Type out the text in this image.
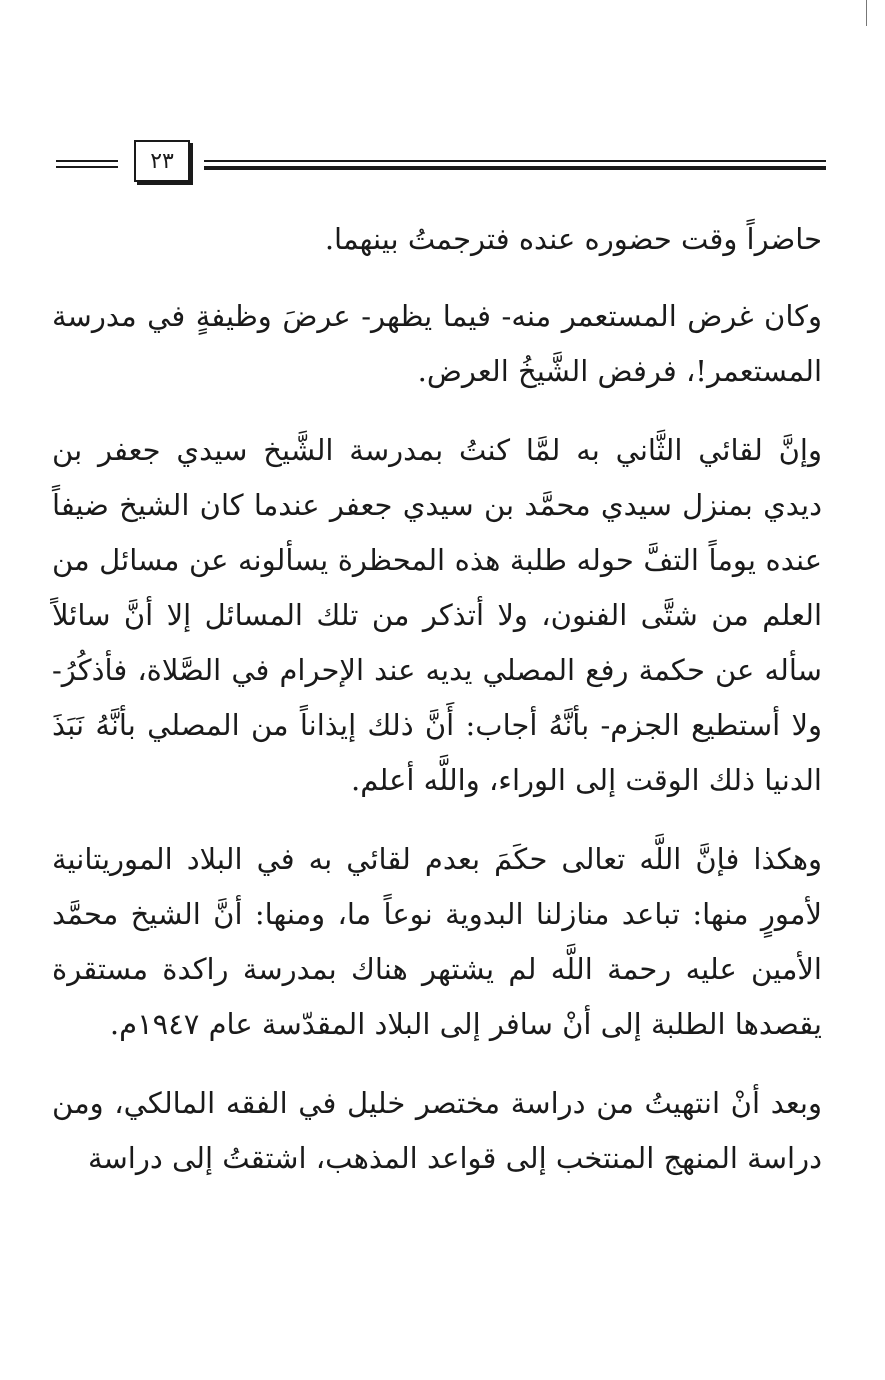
٢٣

حاضراً وقت حضوره عنده فترجمتُ بينهما.

وكان غرض المستعمر منه- فيما يظهر- عرضَ وظيفةٍ في مدرسة المستعمر!، فرفض الشَّيخُ العرض.

وإنَّ لقائي الثَّاني به لمَّا كنتُ بمدرسة الشَّيخ سيدي جعفر بن ديدي بمنزل سيدي محمَّد بن سيدي جعفر عندما كان الشيخ ضيفاً عنده يوماً التفَّ حوله طلبة هذه المحظرة يسألونه عن مسائل من العلم من شتَّى الفنون، ولا أتذكر من تلك المسائل إلا أنَّ سائلاً سأله عن حكمة رفع المصلي يديه عند الإحرام في الصَّلاة، فأذكُرُ- ولا أستطيع الجزم- بأنَّهُ أجاب: أَنَّ ذلك إيذاناً من المصلي بأنَّهُ نَبَذَ الدنيا ذلك الوقت إلى الوراء، واللَّه أعلم.

وهكذا فإنَّ اللَّه تعالى حكَمَ بعدم لقائي به في البلاد الموريتانية لأمورٍ منها: تباعد منازلنا البدوية نوعاً ما، ومنها: أنَّ الشيخ محمَّد الأمين عليه رحمة اللَّه لم يشتهر هناك بمدرسة راكدة مستقرة يقصدها الطلبة إلى أنْ سافر إلى البلاد المقدّسة عام ١٩٤٧م.

وبعد أنْ انتهيتُ من دراسة مختصر خليل في الفقه المالكي، ومن دراسة المنهج المنتخب إلى قواعد المذهب، اشتقتُ إلى دراسة
